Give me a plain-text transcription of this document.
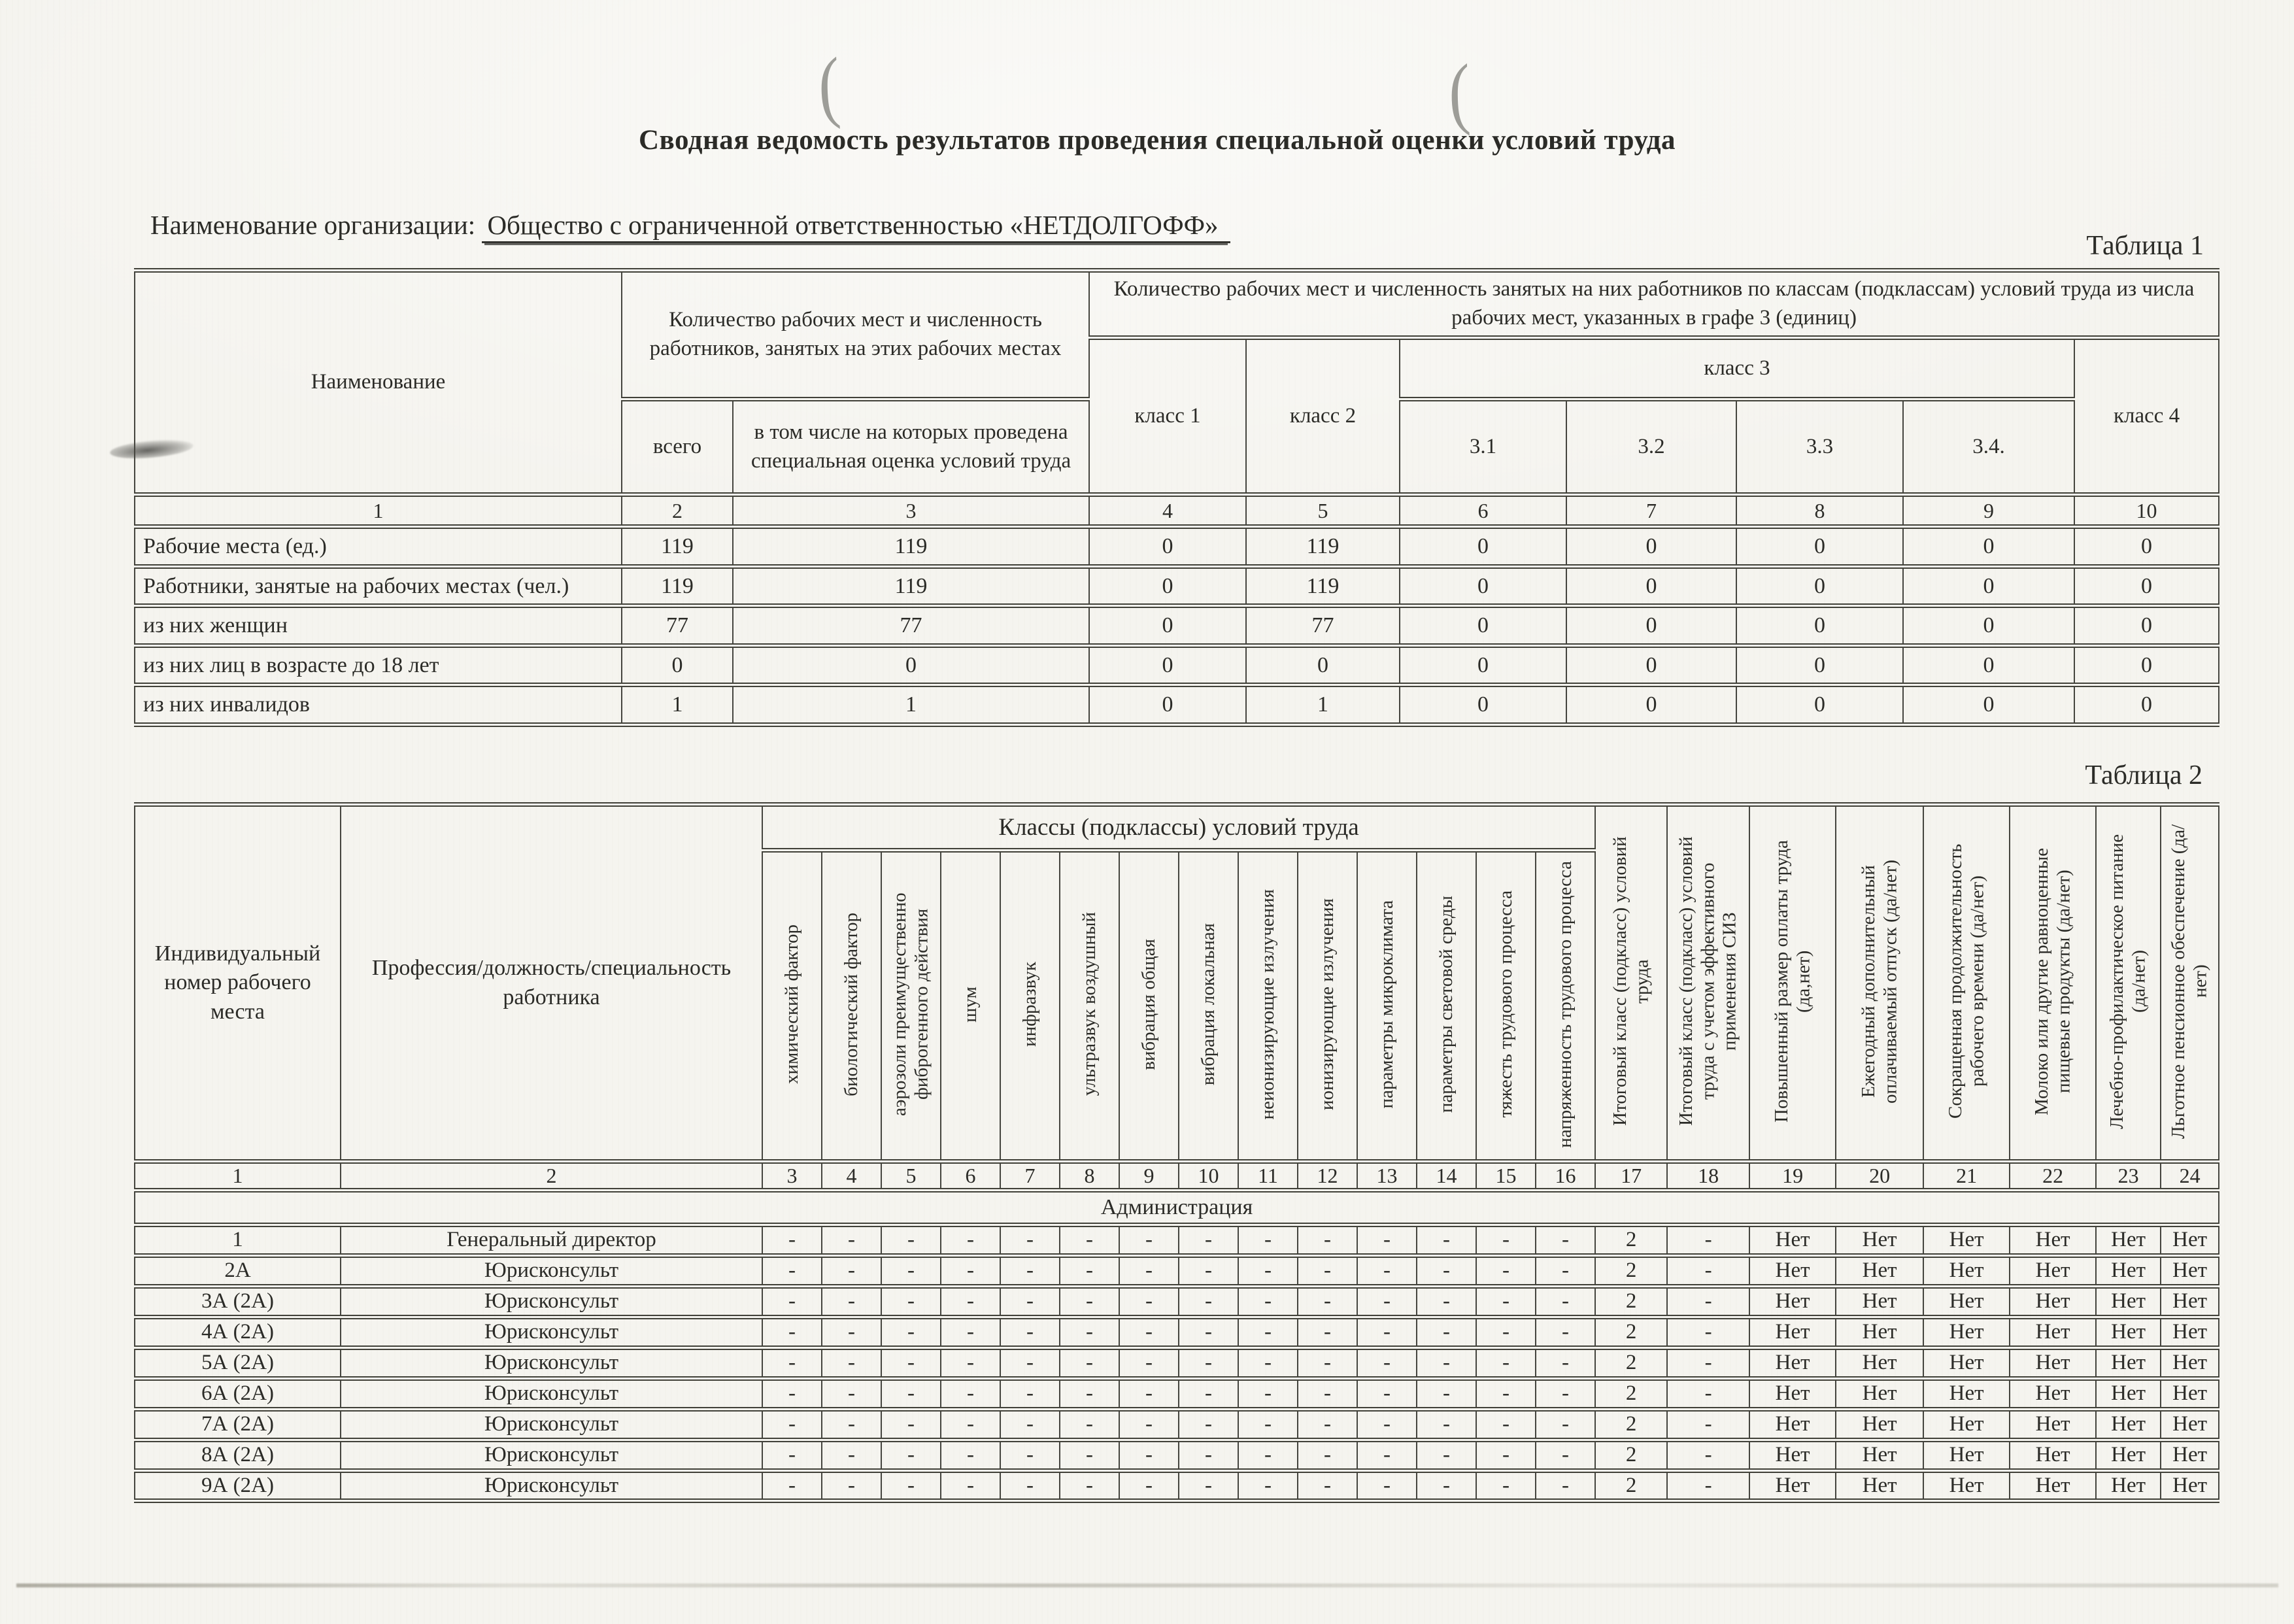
(	(
Сводная ведомость результатов проведения специальной оценки условий труда
Наименование организации: Общество с ограниченной ответственностью «НЕТДОЛГОФФ»
Таблица 1
Наименование	Количество рабочих мест и численность работников, занятых на этих рабочих местах		Количество рабочих мест и численность занятых на них работников по классам (подклассам) условий труда из числа рабочих мест, указанных в графе 3 (единиц)						
			класс 1	класс 2	класс 3				класс 4
	всего	в том числе на которых проведена специальная оценка условий труда			3.1	3.2	3.3	3.4.	
1	2	3	4	5	6	7	8	9	10
Рабочие места (ед.)	119	119	0	119	0	0	0	0	0
Работники, занятые на рабочих местах (чел.)	119	119	0	119	0	0	0	0	0
из них женщин	77	77	0	77	0	0	0	0	0
из них лиц в возрасте до 18 лет	0	0	0	0	0	0	0	0	0
из них инвалидов	1	1	0	1	0	0	0	0	0
Таблица 2
Индивидуальный номер рабочего места	Профессия/должность/специальность работника	Классы (подклассы) условий труда														Итоговый класс (подкласс) условий труда	Итоговый класс (подкласс) условий труда с учетом эффективного применения СИЗ	Повышенный размер оплаты труда (да,нет)	Ежегодный дополнительный оплачиваемый отпуск (да/нет)	Сокращенная продолжительность рабочего времени (да/нет)	Молоко или другие равноценные пищевые продукты (да/нет)	Лечебно-профилактическое питание (да/нет)	Льготное пенсионное обеспечение (да/нет)
		химический фактор	биологический фактор	аэрозоли преимущественно фиброгенного действия	шум	инфразвук	ультразвук воздушный	вибрация общая	вибрация локальная	неионизирующие излучения	ионизирующие излучения	параметры микроклимата	параметры световой среды	тяжесть трудового процесса	напряженность трудового процесса								
1	2	3	4	5	6	7	8	9	10	11	12	13	14	15	16	17	18	19	20	21	22	23	24
Администрация																							
1	Генеральный директор	-	-	-	-	-	-	-	-	-	-	-	-	-	-	2	-	Нет	Нет	Нет	Нет	Нет	Нет
2А	Юрисконсульт	-	-	-	-	-	-	-	-	-	-	-	-	-	-	2	-	Нет	Нет	Нет	Нет	Нет	Нет
3А (2А)	Юрисконсульт	-	-	-	-	-	-	-	-	-	-	-	-	-	-	2	-	Нет	Нет	Нет	Нет	Нет	Нет
4А (2А)	Юрисконсульт	-	-	-	-	-	-	-	-	-	-	-	-	-	-	2	-	Нет	Нет	Нет	Нет	Нет	Нет
5А (2А)	Юрисконсульт	-	-	-	-	-	-	-	-	-	-	-	-	-	-	2	-	Нет	Нет	Нет	Нет	Нет	Нет
6А (2А)	Юрисконсульт	-	-	-	-	-	-	-	-	-	-	-	-	-	-	2	-	Нет	Нет	Нет	Нет	Нет	Нет
7А (2А)	Юрисконсульт	-	-	-	-	-	-	-	-	-	-	-	-	-	-	2	-	Нет	Нет	Нет	Нет	Нет	Нет
8А (2А)	Юрисконсульт	-	-	-	-	-	-	-	-	-	-	-	-	-	-	2	-	Нет	Нет	Нет	Нет	Нет	Нет
9А (2А)	Юрисконсульт	-	-	-	-	-	-	-	-	-	-	-	-	-	-	2	-	Нет	Нет	Нет	Нет	Нет	Нет
